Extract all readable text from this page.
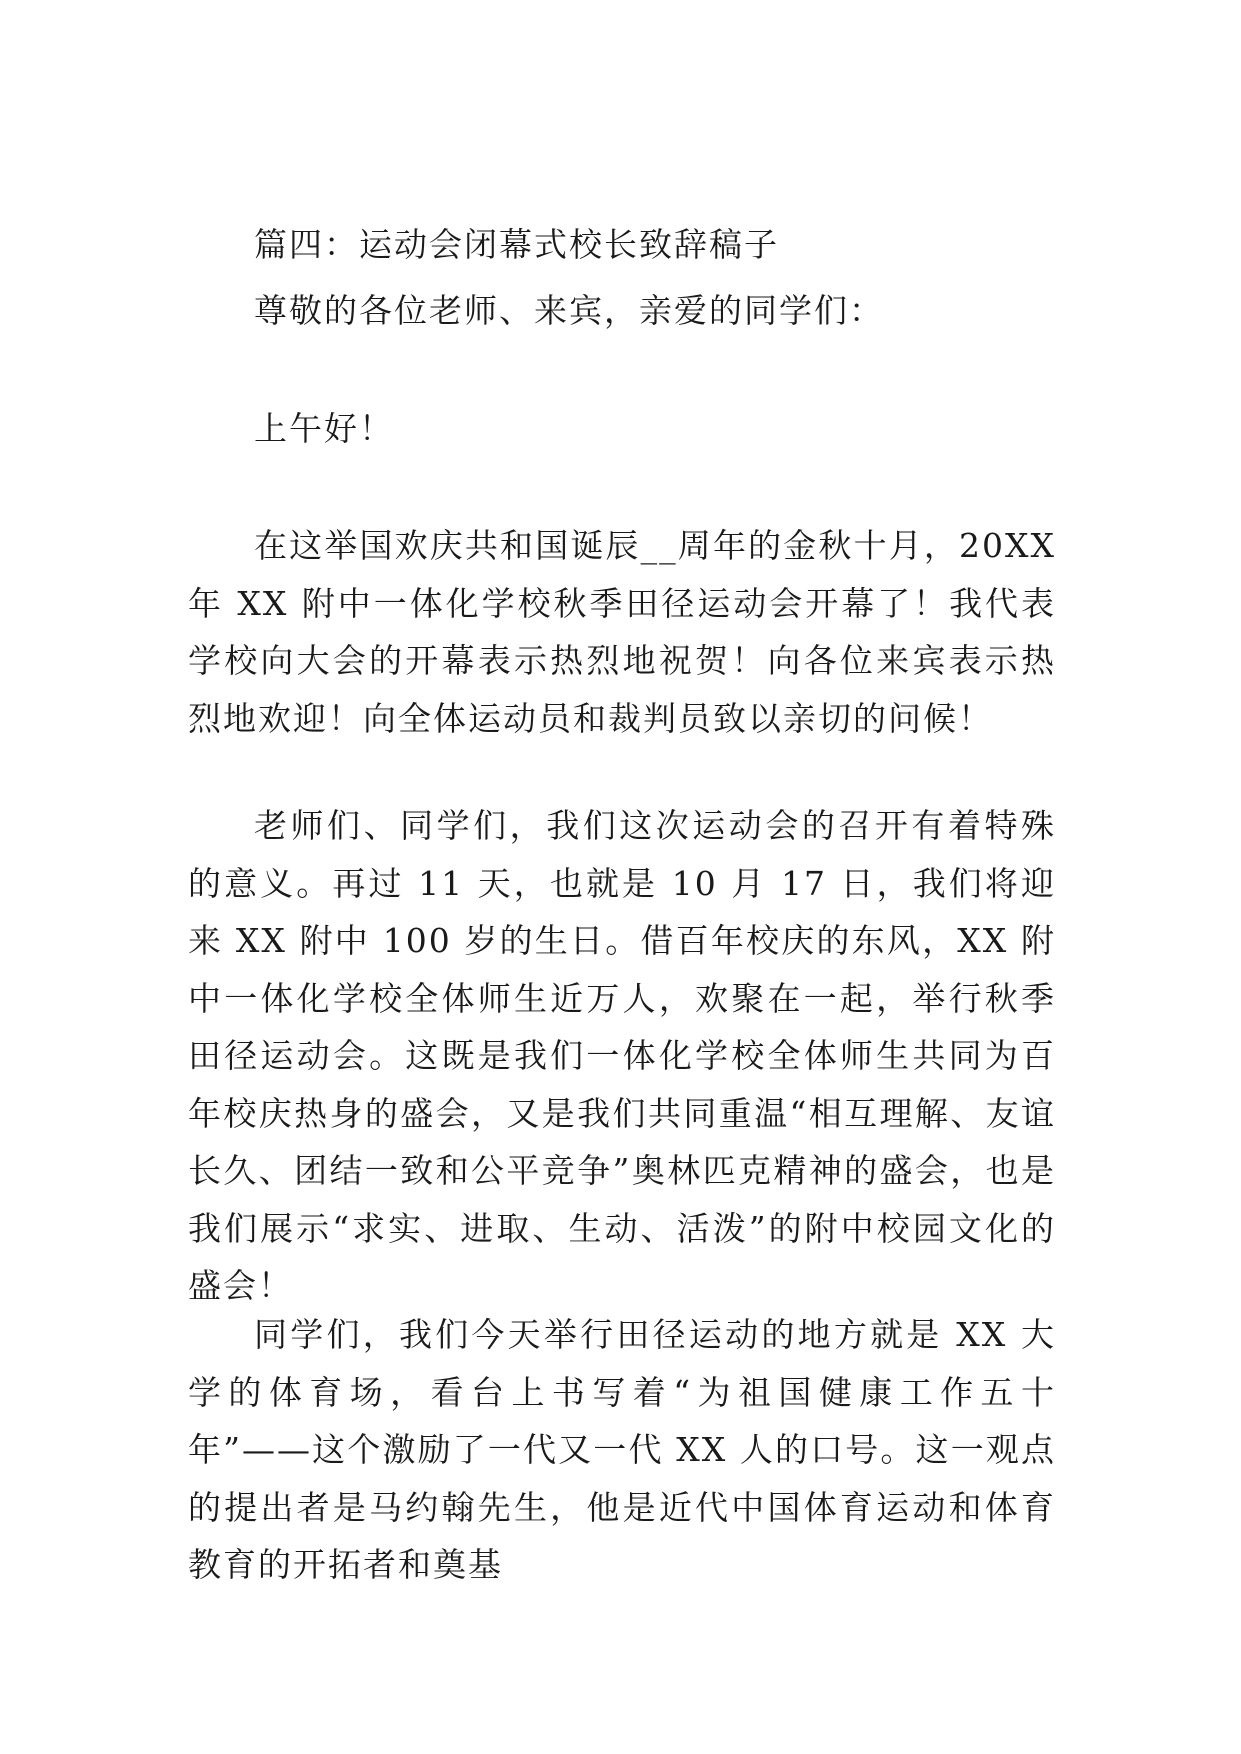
篇四：运动会闭幕式校长致辞稿子
尊敬的各位老师、来宾，亲爱的同学们：
上午好！
在这举国欢庆共和国诞辰__周年的金秋十月，20XX 年 XX 附中一体化学校秋季田径运动会开幕了！我代表学校向大会的开幕表示热烈地祝贺！向各位来宾表示热烈地欢迎！向全体运动员和裁判员致以亲切的问候！
老师们、同学们，我们这次运动会的召开有着特殊的意义。再过 11 天，也就是 10 月 17 日，我们将迎来 XX 附中 100 岁的生日。借百年校庆的东风，XX 附中一体化学校全体师生近万人，欢聚在一起，举行秋季田径运动会。这既是我们一体化学校全体师生共同为百年校庆热身的盛会，又是我们共同重温“相互理解、友谊长久、团结一致和公平竞争”奥林匹克精神的盛会，也是我们展示“求实、进取、生动、活泼”的附中校园文化的盛会！
同学们，我们今天举行田径运动的地方就是 XX 大学的体育场，看台上书写着“为祖国健康工作五十年”——这个激励了一代又一代 XX 人的口号。这一观点的提出者是马约翰先生，他是近代中国体育运动和体育教育的开拓者和奠基
